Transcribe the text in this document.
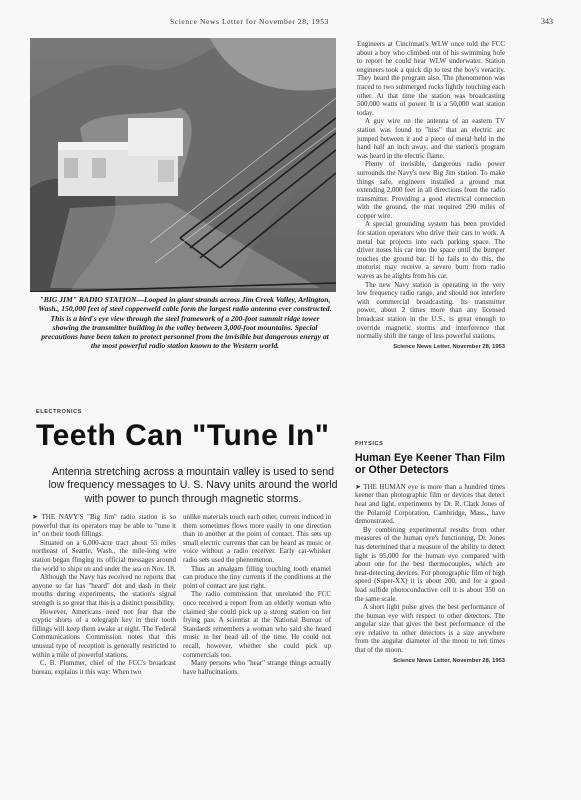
Science News Letter for November 28, 1953	343
"BIG JIM" RADIO STATION—Looped in giant strands across Jim Creek Valley, Arlington, Wash., 150,000 feet of steel copperweld cable form the largest radio antenna ever constructed. This is a bird's eye view through the steel framework of a 200-foot summit ridge tower showing the transmitter building in the valley between 3,000-foot mountains. Special precautions have been taken to protect personnel from the invisible but dangerous energy at the most powerful radio station known to the Western world.
ELECTRONICS
Teeth Can "Tune In"
Antenna stretching across a mountain valley is used to send low frequency messages to U. S. Navy units around the world with power to punch through magnetic storms.

➤ THE NAVY'S "Big Jim" radio station is so powerful that its operators may be able to "tune it in" on their tooth fillings.

Situated on a 6,000-acre tract about 55 miles northeast of Seattle, Wash., the mile-long wire station began flinging its official messages around the world to ships on and under the sea on Nov. 18.

Although the Navy has received no reports that anyone so far has "heard" dot and dash in their mouths during experiments, the station's signal strength is so great that this is a distinct possibility.

However, Americans need not fear that the cryptic shorts of a telegraph key in their tooth fillings will keep them awake at night. The Federal Communications Commission notes that this unusual type of reception is generally restricted to within a mile of powerful stations.

C. B. Plummer, chief of the FCC's broadcast bureau, explains it this way: When two

unlike materials touch each other, current induced in them sometimes flows more easily in one direction than in another at the point of contact. This sets up small electric currents that can be heard as music or voice without a radio receiver. Early cat-whisker radio sets used the phenomenon.

Thus an amalgam filling touching tooth enamel can produce the tiny currents if the conditions at the point of contact are just right.

The radio commission that unrelated the FCC once received a report from an elderly woman who claimed she could pick up a strong station on her frying pan. A scientist at the National Bureau of Standards remembers a woman who said she heard music in her head all of the time. He could not recall, however, whether she could pick up commercials too.

Many persons who "hear" strange things actually have hallucinations.

Engineers at Cincinnati's WLW once told the FCC about a boy who climbed out of his swimming hole to report he could hear WLW underwater. Station engineers took a quick dip to test the boy's veracity. They heard the program also. The phenomenon was traced to two submerged rocks lightly touching each other. At that time the station was broadcasting 500,000 watts of power. It is a 50,000 watt station today.

A guy wire on the antenna of an eastern TV station was found to "hiss" that an electric arc jumped between it and a piece of metal held in the hand half an inch away, and the station's program was heard in the electric flame.

Plenty of invisible, dangerous radio power surrounds the Navy's new Big Jim station. To make things safe, engineers installed a ground mat extending 2,000 feet in all directions from the radio transmitter. Providing a good electrical connection with the ground, the mat required 290 miles of copper wire.

A special grounding system has been provided for station operators who drive their cars to work. A metal bar projects into each parking space. The driver noses his car into the space until the bumper touches the ground bar. If he fails to do this, the motorist may receive a severe burn from radio waves as he alights from his car.

The new Navy station is operating in the very low frequency radio range, and should not interfere with commercial broadcasting. Its transmitter power, about 2 times more than any licensed broadcast station in the U.S., is great enough to override magnetic storms and interference that normally shift the range of less powerful stations.

Science News Letter, November 28, 1953
PHYSICS
Human Eye Keener Than Film or Other Detectors

➤ THE HUMAN eye is more than a hundred times keener than photographic film or devices that detect heat and light, experiments by Dr. R. Clark Jones of the Polaroid Corporation, Cambridge, Mass., have demonstrated.

By combining experimental results from other measures of the human eye's functioning, Dr. Jones has determined that a measure of the ability to detect light is 95,000 for the human eye compared with about one for the best thermocouples, which are heat-detecting devices. For photographic film of high speed (Super-XX) it is about 200, and for a good lead sulfide photoconductive cell it is about 350 on the same scale.

A short light pulse gives the best performance of the human eye with respect to other detectors. The angular size that gives the best performance of the eye relative to other detectors is a size anywhere from the angular diameter of the moon to ten times that of the moon.

Science News Letter, November 28, 1953
